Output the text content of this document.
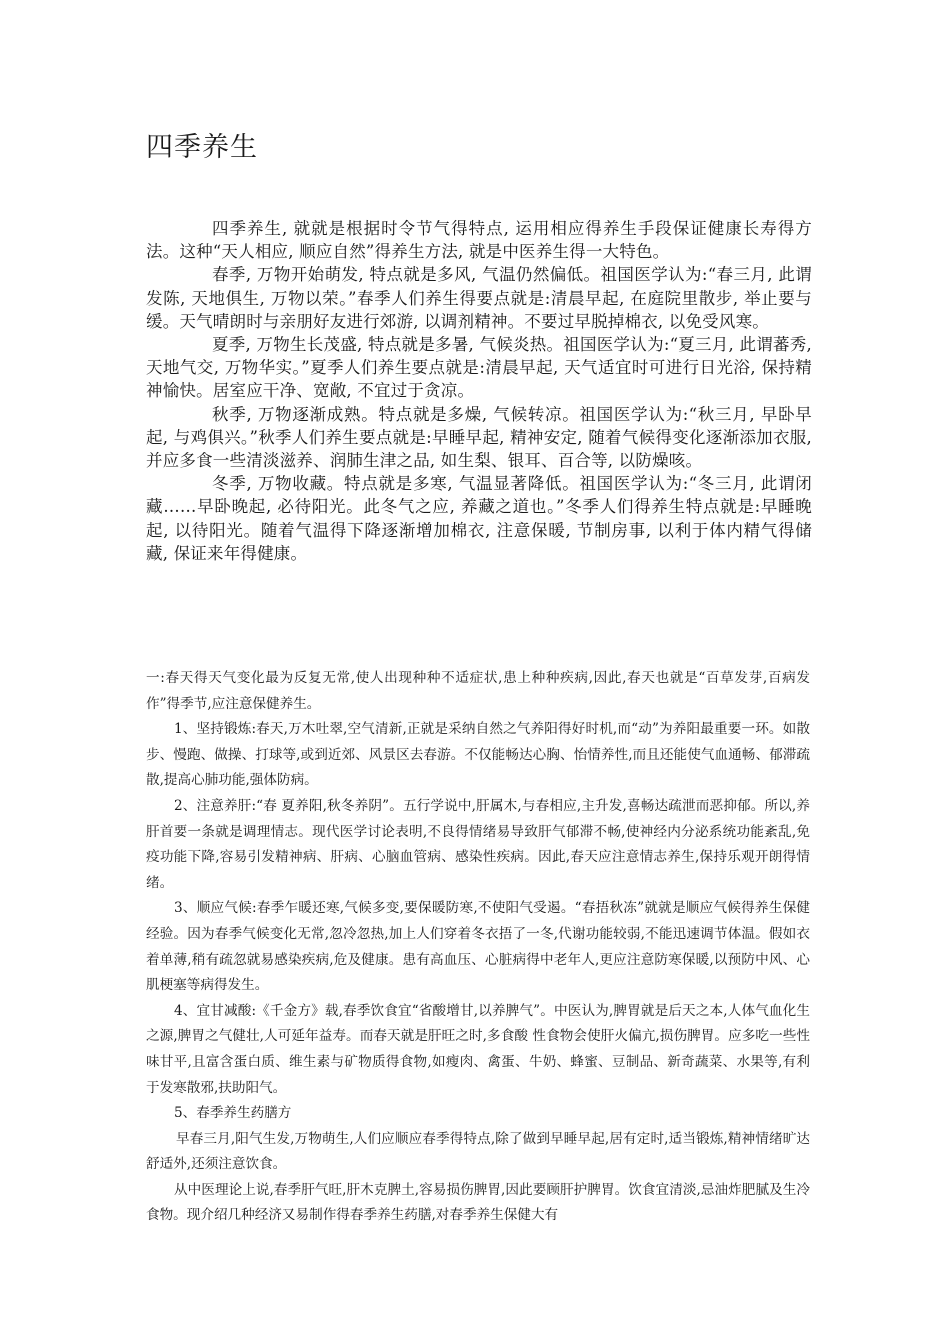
四季养生

四季养生, 就就是根据时令节气得特点, 运用相应得养生手段保证健康长寿得方法。这种“天人相应, 顺应自然”得养生方法, 就是中医养生得一大特色。

春季, 万物开始萌发, 特点就是多风, 气温仍然偏低。祖国医学认为:“春三月, 此谓发陈, 天地俱生, 万物以荣。”春季人们养生得要点就是:清晨早起, 在庭院里散步, 举止要与缓。天气晴朗时与亲朋好友进行郊游, 以调剂精神。不要过早脱掉棉衣, 以免受风寒。

夏季, 万物生长茂盛, 特点就是多暑, 气候炎热。祖国医学认为:“夏三月, 此谓蕃秀, 天地气交, 万物华实。”夏季人们养生要点就是:清晨早起, 天气适宜时可进行日光浴, 保持精神愉快。居室应干净、宽敞, 不宜过于贪凉。

秋季, 万物逐渐成熟。特点就是多燥, 气候转凉。祖国医学认为:“秋三月, 早卧早起, 与鸡俱兴。”秋季人们养生要点就是:早睡早起, 精神安定, 随着气候得变化逐渐添加衣服, 并应多食一些清淡滋养、润肺生津之品, 如生梨、银耳、百合等, 以防燥咳。

冬季, 万物收藏。特点就是多寒, 气温显著降低。祖国医学认为:“冬三月, 此谓闭藏……早卧晚起, 必待阳光。此冬气之应, 养藏之道也。”冬季人们得养生特点就是:早睡晚起, 以待阳光。随着气温得下降逐渐增加棉衣, 注意保暖, 节制房事, 以利于体内精气得储藏, 保证来年得健康。

一:春天得天气变化最为反复无常,使人出现种种不适症状,患上种种疾病,因此,春天也就是“百草发芽,百病发作”得季节,应注意保健养生。

1、坚持锻炼:春天,万木吐翠,空气清新,正就是采纳自然之气养阳得好时机,而“动”为养阳最重要一环。如散步、慢跑、做操、打球等,或到近郊、风景区去春游。不仅能畅达心胸、怡情养性,而且还能使气血通畅、郁滞疏散,提高心肺功能,强体防病。

2、注意养肝:“春 夏养阳,秋冬养阴”。五行学说中,肝属木,与春相应,主升发,喜畅达疏泄而恶抑郁。所以,养肝首要一条就是调理情志。现代医学讨论表明,不良得情绪易导致肝气郁滞不畅,使神经内分泌系统功能紊乱,免疫功能下降,容易引发精神病、肝病、心脑血管病、感染性疾病。因此,春天应注意情志养生,保持乐观开朗得情绪。

3、顺应气候:春季乍暖还寒,气候多变,要保暖防寒,不使阳气受遏。“春捂秋冻”就就是顺应气候得养生保健经验。因为春季气候变化无常,忽冷忽热,加上人们穿着冬衣捂了一冬,代谢功能较弱,不能迅速调节体温。假如衣着单薄,稍有疏忽就易感染疾病,危及健康。患有高血压、心脏病得中老年人,更应注意防寒保暖,以预防中风、心肌梗塞等病得发生。

4、宜甘减酸:《千金方》载,春季饮食宜“省酸增甘,以养脾气”。中医认为,脾胃就是后天之本,人体气血化生之源,脾胃之气健壮,人可延年益寿。而春天就是肝旺之时,多食酸 性食物会使肝火偏亢,损伤脾胃。应多吃一些性味甘平,且富含蛋白质、维生素与矿物质得食物,如瘦肉、禽蛋、牛奶、蜂蜜、豆制品、新奇蔬菜、水果等,有利于发寒散邪,扶助阳气。

5、春季养生药膳方

早春三月,阳气生发,万物萌生,人们应顺应春季得特点,除了做到早睡早起,居有定时,适当锻炼,精神情绪旷达舒适外,还须注意饮食。

从中医理论上说,春季肝气旺,肝木克脾土,容易损伤脾胃,因此要顾肝护脾胃。饮食宜清淡,忌油炸肥腻及生冷食物。现介绍几种经济又易制作得春季养生药膳,对春季养生保健大有
